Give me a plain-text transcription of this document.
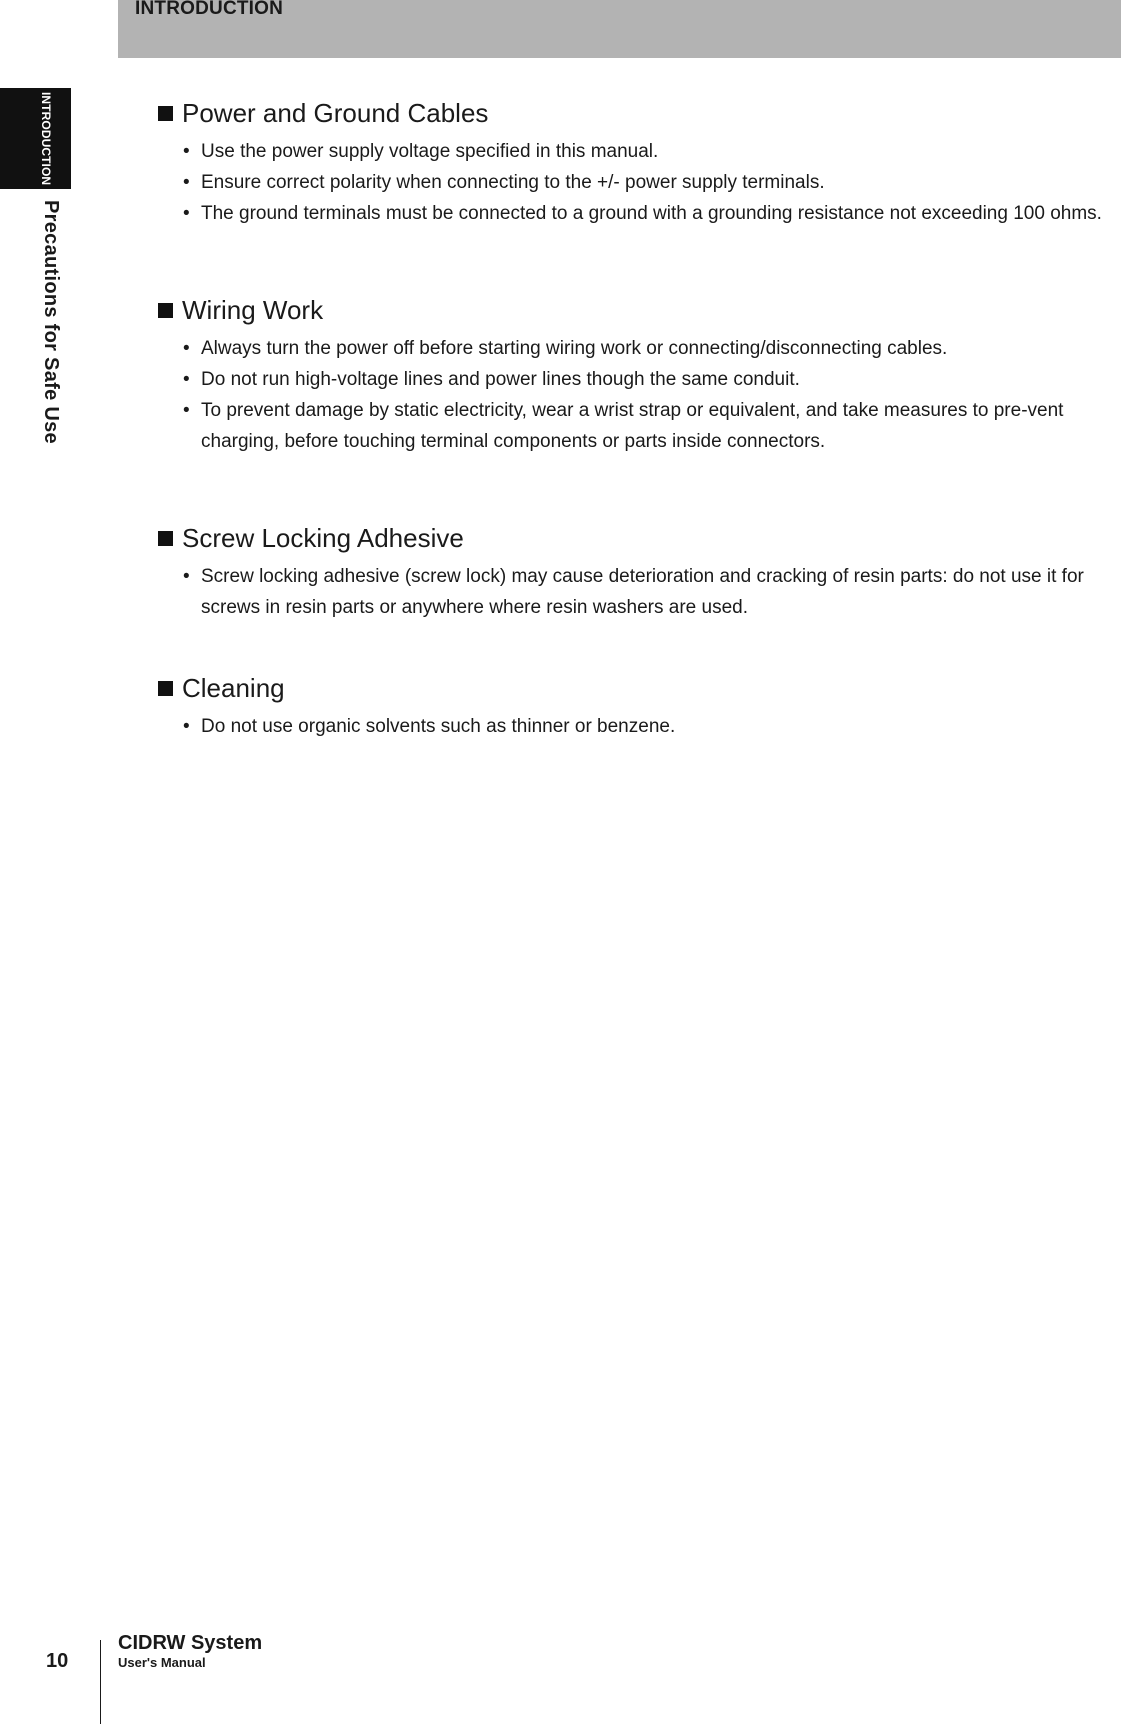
INTRODUCTION
INTRODUCTION
Precautions for Safe Use
Power and Ground Cables
• Use the power supply voltage specified in this manual.
• Ensure correct polarity when connecting to the +/- power supply terminals.
• The ground terminals must be connected to a ground with a grounding resistance not exceeding 100 ohms.
Wiring Work
• Always turn the power off before starting wiring work or connecting/disconnecting cables.
• Do not run high-voltage lines and power lines though the same conduit.
• To prevent damage by static electricity, wear a wrist strap or equivalent, and take measures to pre-vent charging, before touching terminal components or parts inside connectors.
Screw Locking Adhesive
• Screw locking adhesive (screw lock) may cause deterioration and cracking of resin parts: do not use it for screws in resin parts or anywhere where resin washers are used.
Cleaning
• Do not use organic solvents such as thinner or benzene.
10
CIDRW System
User's Manual
